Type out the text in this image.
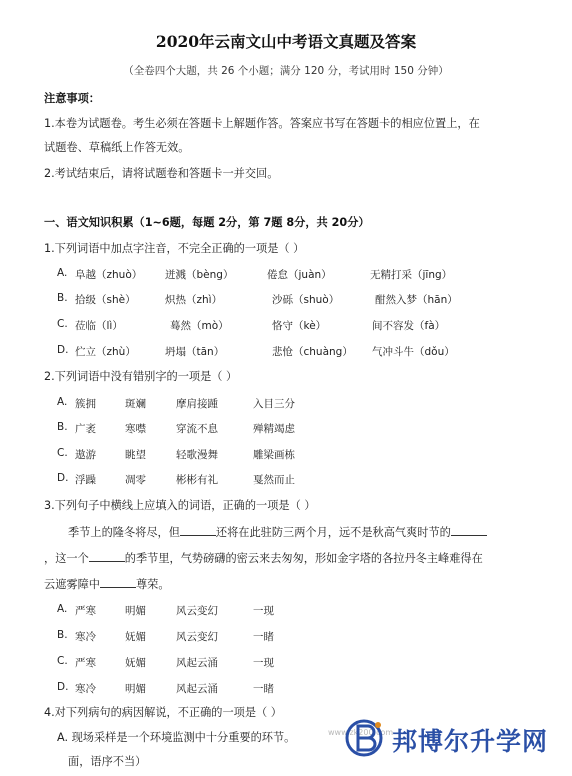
2020年云南文山中考语文真题及答案
（全卷四个大题，共 26 个小题；满分 120 分，考试用时 150 分钟）
注意事项：
1.本卷为试题卷。考生必须在答题卡上解题作答。答案应书写在答题卡的相应位置上，在
试题卷、草稿纸上作答无效。
2.考试结束后，请将试题卷和答题卡一并交回。
一、语文知识积累（1~6题，每题 2分，第 7题 8分，共 20分）
1.下列词语中加点字注音，不完全正确的一项是（ ）
A. 阜越（zhuò） 迸溅（bèng）	倦怠（juàn）	无精打采（jīng）
B. 拾级（shè）	炽热（zhì）	沙砾（shuò）	酣然入梦（hān）
C. 莅临（lì）	蓦然（mò）	恪守（kè）	间不容发（fà）
D. 伫立（zhù）	坍塌（tān）	悲怆（chuàng） 气冲斗牛（dǒu）
2.下列词语中没有错别字的一项是（ ）
A. 簇拥	斑斓	摩肩接踵	入目三分
B. 广袤	寒噤	穿流不息	殚精竭虑
C. 遨游	眺望	轻歌漫舞	雕梁画栋
D. 浮躁	凋零	彬彬有礼	戛然而止
3.下列句子中横线上应填入的词语，正确的一项是（ ）
季节上的隆冬将尽，但	还将在此驻防三两个月，远不是秋高气爽时节的
，这一个	的季节里，气势磅礴的密云来去匆匆，形如金字塔的各拉丹冬主峰难得在
云遮雾障中	尊荣。
A. 严寒	明媚	风云变幻	一现
B. 寒冷	妩媚	风云变幻	一睹
C. 严寒	妩媚	风起云涌	一现
D. 寒冷	明媚	风起云涌	一睹
4.对下列病句的病因解说，不正确的一项是（ ）
A. 现场采样是一个环境监测中十分重要的环节。
面，语序不当）
www.zk200.com
邦博尔升学网
